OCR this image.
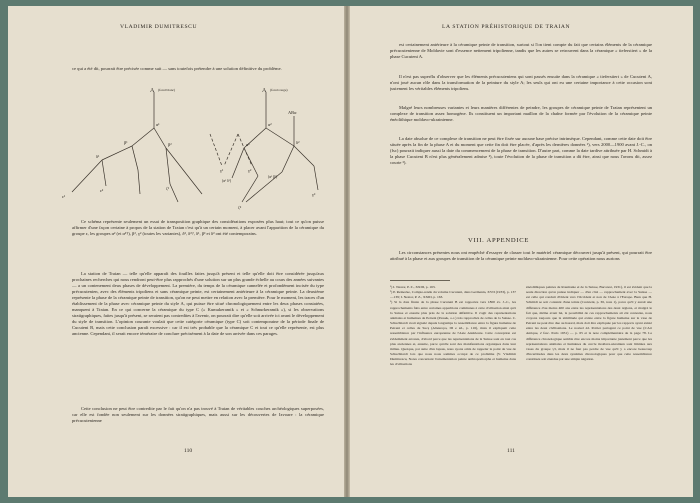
VLADIMIR DUMITRESCU
ce qui a été dit, pourrait être précisée comme suit — sans toutefois prétendre à une solution définitive du problème.
A (fond blanc)	A (fond rouge)
ABα
α¹	α²
β¹	β²
γ¹	γ²
α³
δ¹
δ²
ε¹
ε²	ζ¹
(α¹ δ²)
(α¹ β¹)
γ³
ζ²
Ce schéma représente seulement un essai de transposition graphique des considérations exposées plus haut; tout ce qu'on puisse affirmer d'une façon certaine à propos de la station de Traian c'est qu'à un certain moment, à placer avant l'apparition de la céramique du groupe ε, les groupes α² (et α³?), β², γ² (toutes les variantes), δ², δ³?, δ¹, β³ et δ³ ont été contemporains.
La station de Traian — telle qu'elle apparaît des fouilles faites jusqu'à présent et telle qu'elle doit être considérée jusqu'aux prochaines recherches qui nous rendront peut-être plus rapprochés d'une solution sur un plus grande échelle au cours des années suivantes — a un contenement deux phases de développement. La première, du temps de la céramique cannelée et profondément incisée du type précucutenien, avec des éléments tripoliens et sans céramique peinte, est certainement antérieure à la céramique peinte. La deuxième représente la phase de la céramique peinte de transition, qu'on ne peut mettre en relation avec la première. Pour le moment, les traces d'un établissement de la phase avec céramique peinte du style A, qui puisse être situé chronologiquement entre les deux phases constatées, manquent à Traian. En ce qui concerne la céramique du type C (« Kumukeramik » et « Schnurkeramik »), si les observations stratigraphiques, faites jusqu'à présent, se seraient pas contredites à l'avenir, on pourrait dire qu'elle soit arrivée ici avant le développement du style de transition. L'opinion courante voulait que cette catégorie céramique (type C) soit contemporaine de la période finale de Cucuteni B, mais cette conclusion paraît excessive : car il est très probable que la céramique C et tout ce qu'elle représente, est plus ancienne. Cependant, il serait encore téméraire de conclure précisément à la date de son arrivée dans ces parages.
Cette conclusion ne peut être contredite par le fait qu'on n'a pas trouvé à Traian de véritables couches archéologiques superposées, car elle est fondée non seulement sur les données stratigraphiques, mais aussi sur les découvertes de Izvoare : la céramique précucutenienne
110
LA STATION PRÉHISTORIQUE DE TRAIAN
est certainement antérieure à la céramique peinte de transition, surtout si l'on tient compte du fait que certains éléments de la céramique précucutenienne de Moldavie sont d'essence nettement tripolienne, tandis que les autres se retrouvent dans la céramique « tieferstiert » de la phase Cucuteni A.
Il n'est pas superflu d'observer que les éléments précucuteniens qui sont passés ensuite dans la céramique « tieferstiert » de Cucuteni A, n'ont joué aucun rôle dans la transformation de la peinture du style A; les seuls qui ont eu une certaine importance à cette occasion sont justement les véritables éléments tripoliens.
Malgré leurs nombreuses variantes et leurs manières différentes de peindre, les groupes de céramique peinte de Traian représentent un complexe de transition assez homogène. Ils constituent un important maillon de la chaîne formée par l'évolution de la céramique peinte énéolithique moldavo-ukrainienne.
La date absolue de ce complexe de transition ne peut être fixée sur aucune base précise intrinsèque. Cependant, comme cette date doit être située après la fin de la phase A et du moment que cette fin doit être placée, d'après les dernières données ¹), vers 2000—1900 avant J.-C., on (fsc) pourrait indiquer aussi la date du commencement de la phase de transition. D'autre part, comme la date tardive attribuée par H. Schmidt à la phase Cucuteni B n'est plus généralement admise ²), toute l'évolution de la phase de transition a dû être, ainsi que nous l'avons dit, assez courte ³).
VIII. APPENDICE
Les circonstances présentes nous ont empêché d'essayer de classer tout le matériel céramique découvert jusqu'à présent, qui pourrait être attribué à la phase et aux groupes de transition de la céramique peinte moldavo-ukrainienne. Pour cette opération nous aurions
¹) I. Nestor, P. Z., XXIII, p. 163.
²) P. Reinecke, Compte-rendu du volume Cucuteni, dans Germania, XVII (1933), p. 137—139; I. Nestor, P. Z., XXIII, p. 163.
³) Si la date finale de la phase Cucuteni B est rapportée vers 1800 av. J.-C., les rapprochements faits entre certaines apparitions communes à cette civilisation ainsi qu'à la Suisse et ensuite plus près de la solution définitive. Il s'agit des représentations animales et humaines de Petreni (Passek, o.c.) très rapprochés de celles de la Suisse. C. Schuchhardt avait signalé depuis longtemps la ressemblance entre la figure humaine de Petreni et celles de Sucș (Alteuropa, III e éd., p. 116), mais il expliquait cette ressemblance par l'influence européenne de l'Asie Antérieure. Cette conception est évidemment erronée, d'abord parce que les représentations de la Suisse sont en tout cas plus anciennes et, ensuite, parce qu'elle sont des manifestations organiques dans leur milieu. Quoique, par suite d'un lapsus, nous ayons omis de rappeler le point de vue de Schuchhardt lors que nous nous sommes occupé de ce problème (V. Vladimir Dumitrescu, Notes concernant l'ornementation peinte anthropomorphe et humaine dans les civilisations
énéolithiques peintes de Roumanie et de la Suisse, Bucarest, 1931), il est évident que la seule direction qu'on puisse indiquer — d'un côté — rapprochement avec la Suisse — est celle qui conduit d'Orient vers l'Occident et non de l'Asie à l'Europe. Bien que H. Schmidt se soit contenté d'une teinte (Cucuteni, p. 36, note 1), parce qu'il y aurait une différence d'au moins 400 ans entre les représentations des deux régions, et malgré le fait que, même avant lui, la possibilité de ces rapprochements ait été contestée, nous croyons toujours que la similitude qui existe entre la figure humaine sur le vase de Petreni ne peut être due au hasard, mais doit être expliquée par les rapports ayant existé entre les deux civilisations. Le nouvel éd. Pottier partagent ce point de vue (L'Art Antique, 2 fasc. Paris 1931) — p. 65 et la note complémentaire de la page 78. La différence chronologique semble être encore moins importante justement parce que les représentations animales et humaines du cercle moldave-ukrainien sont limitées aux vases du groupe γ3, mais il ne faut pas perdre de vue qu'il y a encore beaucoup d'incertitudes dans les deux systèmes chronologiques pour que cette ressemblance constituée soit étendue par une simple négation.
111
